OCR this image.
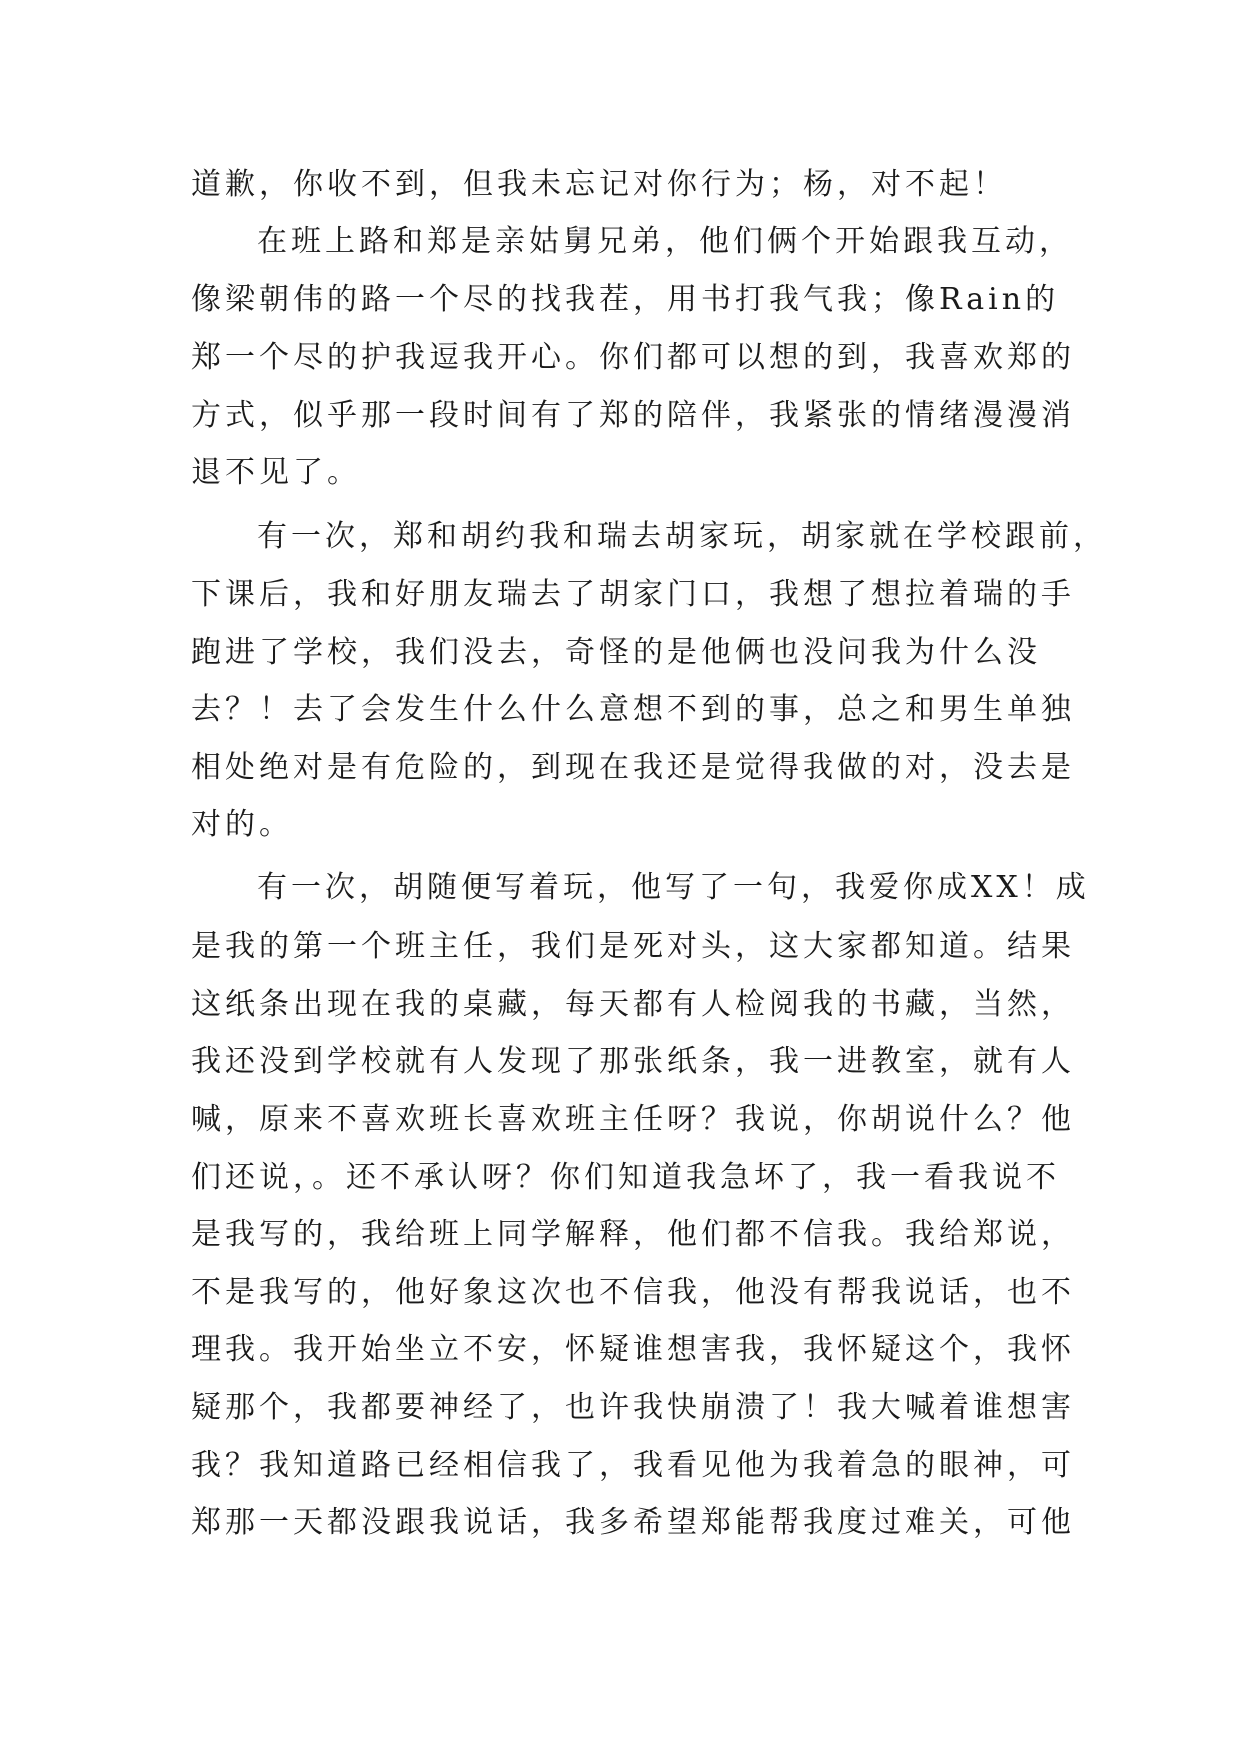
道歉，你收不到，但我未忘记对你行为；杨，对不起！

在班上路和郑是亲姑舅兄弟，他们俩个开始跟我互动，

像梁朝伟的路一个尽的找我茬，用书打我气我；像Rain的

郑一个尽的护我逗我开心。你们都可以想的到，我喜欢郑的

方式，似乎那一段时间有了郑的陪伴，我紧张的情绪漫漫消

退不见了。

有一次，郑和胡约我和瑞去胡家玩，胡家就在学校跟前，

下课后，我和好朋友瑞去了胡家门口，我想了想拉着瑞的手

跑进了学校，我们没去，奇怪的是他俩也没问我为什么没

去？！去了会发生什么什么意想不到的事，总之和男生单独

相处绝对是有危险的，到现在我还是觉得我做的对，没去是

对的。

有一次，胡随便写着玩，他写了一句，我爱你成XX！成

是我的第一个班主任，我们是死对头，这大家都知道。结果

这纸条出现在我的桌藏，每天都有人检阅我的书藏，当然，

我还没到学校就有人发现了那张纸条，我一进教室，就有人

喊，原来不喜欢班长喜欢班主任呀？我说，你胡说什么？他

们还说，。还不承认呀？你们知道我急坏了，我一看我说不

是我写的，我给班上同学解释，他们都不信我。我给郑说，

不是我写的，他好象这次也不信我，他没有帮我说话，也不

理我。我开始坐立不安，怀疑谁想害我，我怀疑这个，我怀

疑那个，我都要神经了，也许我快崩溃了！我大喊着谁想害

我？我知道路已经相信我了，我看见他为我着急的眼神，可

郑那一天都没跟我说话，我多希望郑能帮我度过难关，可他
